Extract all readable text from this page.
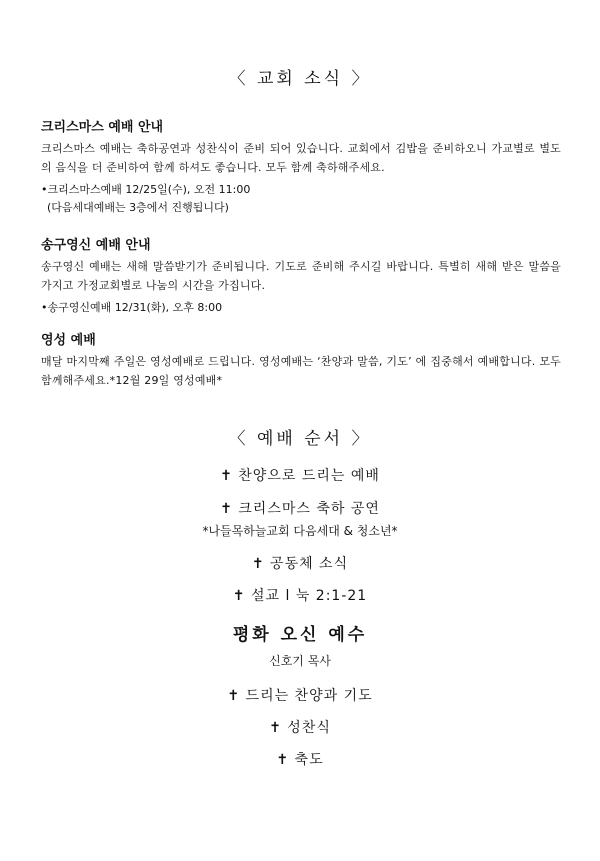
〈 교회 소식 〉

크리스마스 예배 안내

크리스마스 예배는 축하공연과 성찬식이 준비 되어 있습니다. 교회에서 김밥을 준비하오니 가교별로 별도의 음식을 더 준비하여 함께 하셔도 좋습니다. 모두 함께 축하해주세요.

•크리스마스예배 12/25일(수), 오전 11:00

(다음세대예배는 3층에서 진행됩니다)

송구영신 예배 안내

송구영신 예배는 새해 말씀받기가 준비됩니다. 기도로 준비해 주시길 바랍니다. 특별히 새해 받은 말씀을 가지고 가정교회별로 나눔의 시간을 가집니다.

•송구영신예배 12/31(화), 오후 8:00

영성 예배

매달 마지막째 주일은 영성예배로 드립니다. 영성예배는 ‘찬양과 말씀, 기도’ 에 집중해서 예배합니다. 모두 함께해주세요.*12월 29일 영성예배*

〈 예배 순서 〉

✝ 찬양으로 드리는 예배

✝ 크리스마스 축하 공연

*나들목하늘교회 다음세대 & 청소년*

✝ 공동체 소식

✝ 설교 l 눅 2:1-21

평화 오신 예수

신호기 목사

✝ 드리는 찬양과 기도

✝ 성찬식

✝ 축도
